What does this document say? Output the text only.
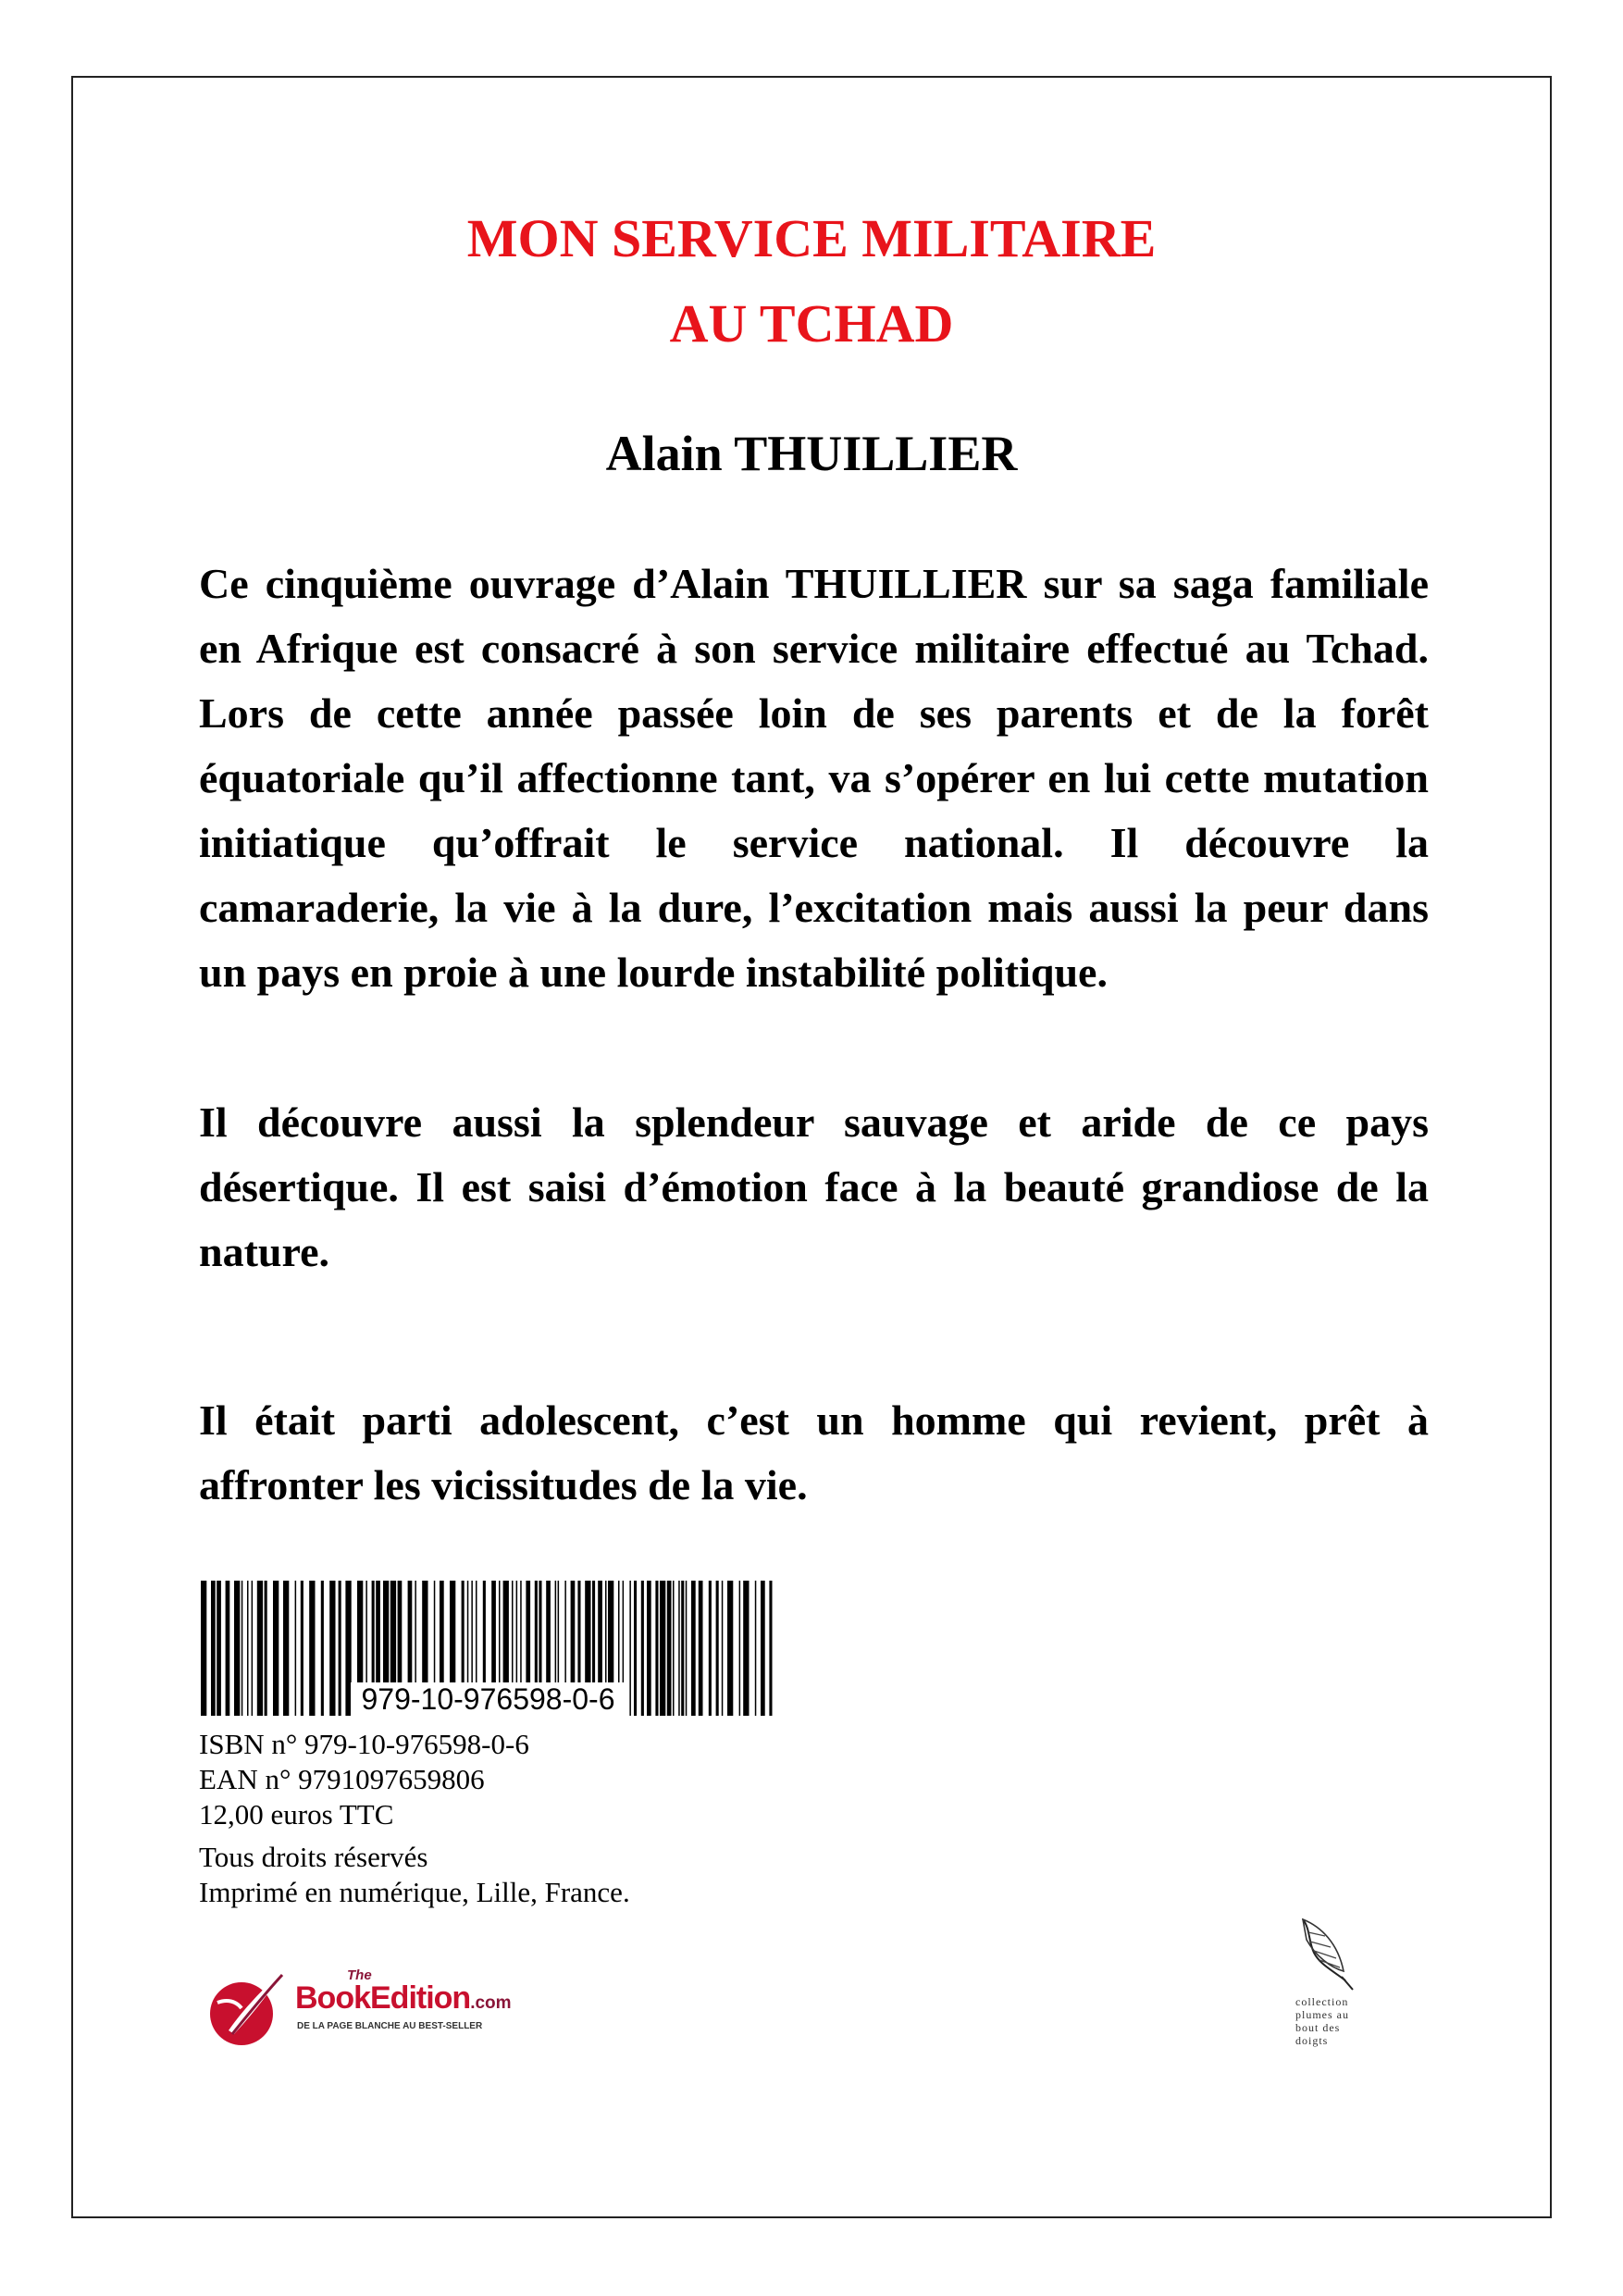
MON SERVICE MILITAIRE
AU TCHAD
Alain THUILLIER

Ce cinquième ouvrage d’Alain THUILLIER sur sa saga familiale en Afrique est consacré à son service militaire effectué au Tchad. Lors de cette année passée loin de ses parents et de la forêt équatoriale qu’il affectionne tant, va s’opérer en lui cette mutation initiatique qu’offrait le service national. Il découvre la camaraderie, la vie à la dure, l’excitation mais aussi la peur dans un pays en proie à une lourde instabilité politique.

Il découvre aussi la splendeur sauvage et aride de ce pays désertique. Il est saisi d’émotion face à la beauté grandiose de la nature.

Il était parti adolescent, c’est un homme qui revient, prêt à affronter les vicissitudes de la vie.

979-10-976598-0-6
ISBN n° 979-10-976598-0-6
EAN n° 9791097659806
12,00 euros TTC
Tous droits réservés
Imprimé en numérique, Lille, France.
The
BookEdition.com
DE LA PAGE BLANCHE AU BEST-SELLER
collection
plumes au
bout des
doigts
